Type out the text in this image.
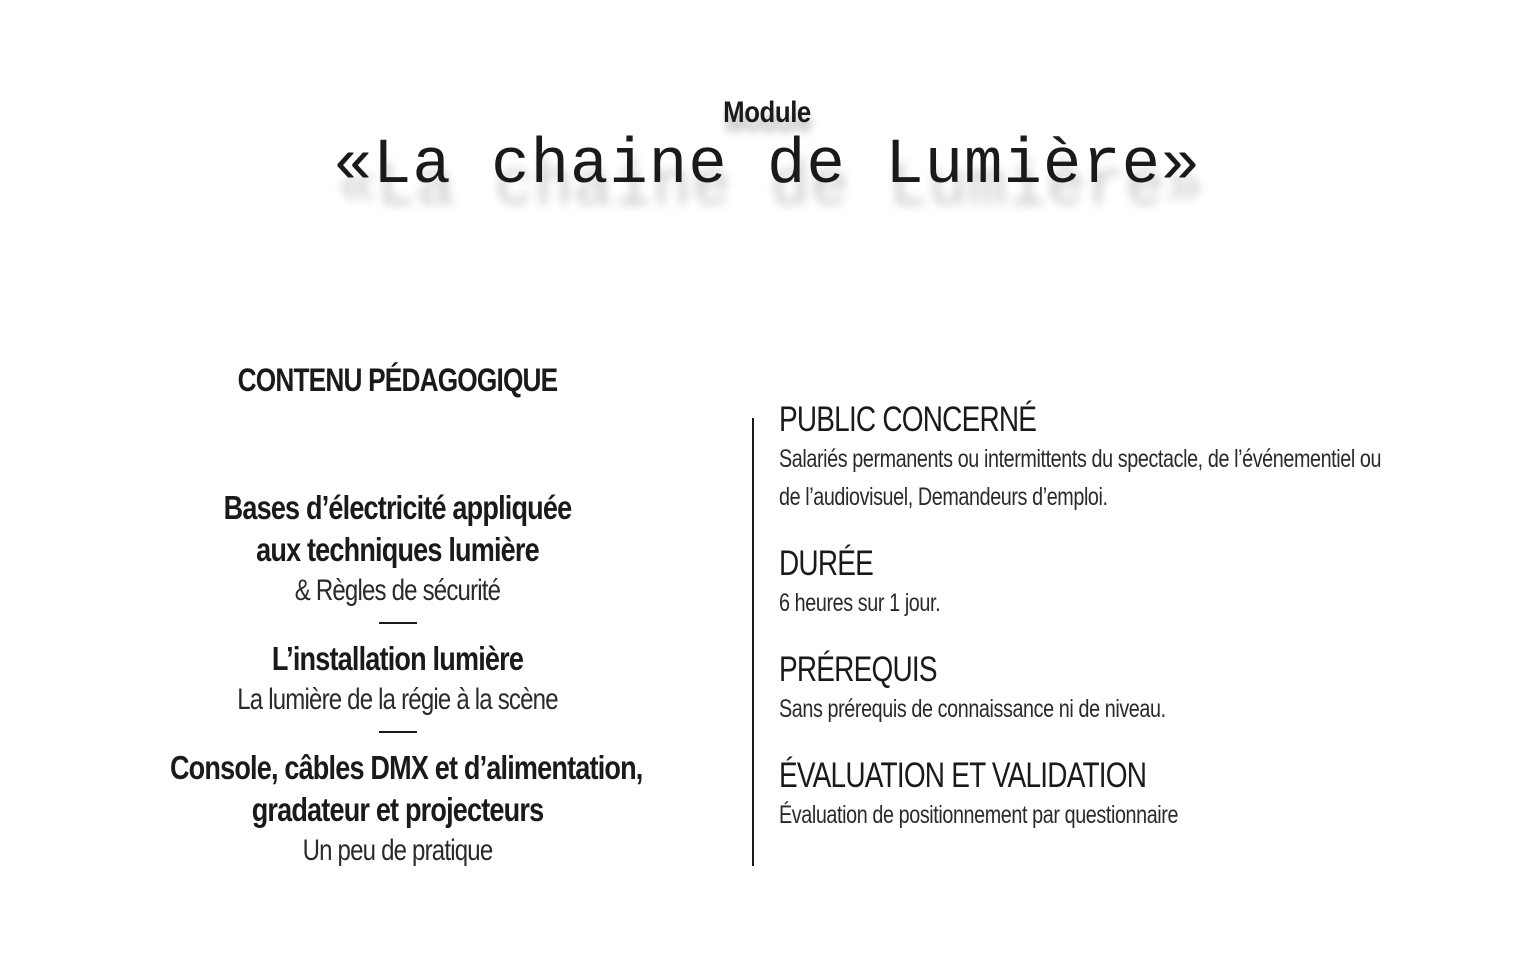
Module
«La chaine de Lumière»
CONTENU PÉDAGOGIQUE
Bases d’électricité appliquée
aux techniques lumière
& Règles de sécurité
L’installation lumière
La lumière de la régie à la scène
Console, câbles DMX et d’alimentation,
gradateur et projecteurs
Un peu de pratique
PUBLIC CONCERNÉ
Salariés permanents ou intermittents du spectacle, de l’événementiel ou
de l’audiovisuel, Demandeurs d’emploi.
DURÉE
6 heures sur 1 jour.
PRÉREQUIS
Sans prérequis de connaissance ni de niveau.
ÉVALUATION ET VALIDATION
Évaluation de positionnement par questionnaire
